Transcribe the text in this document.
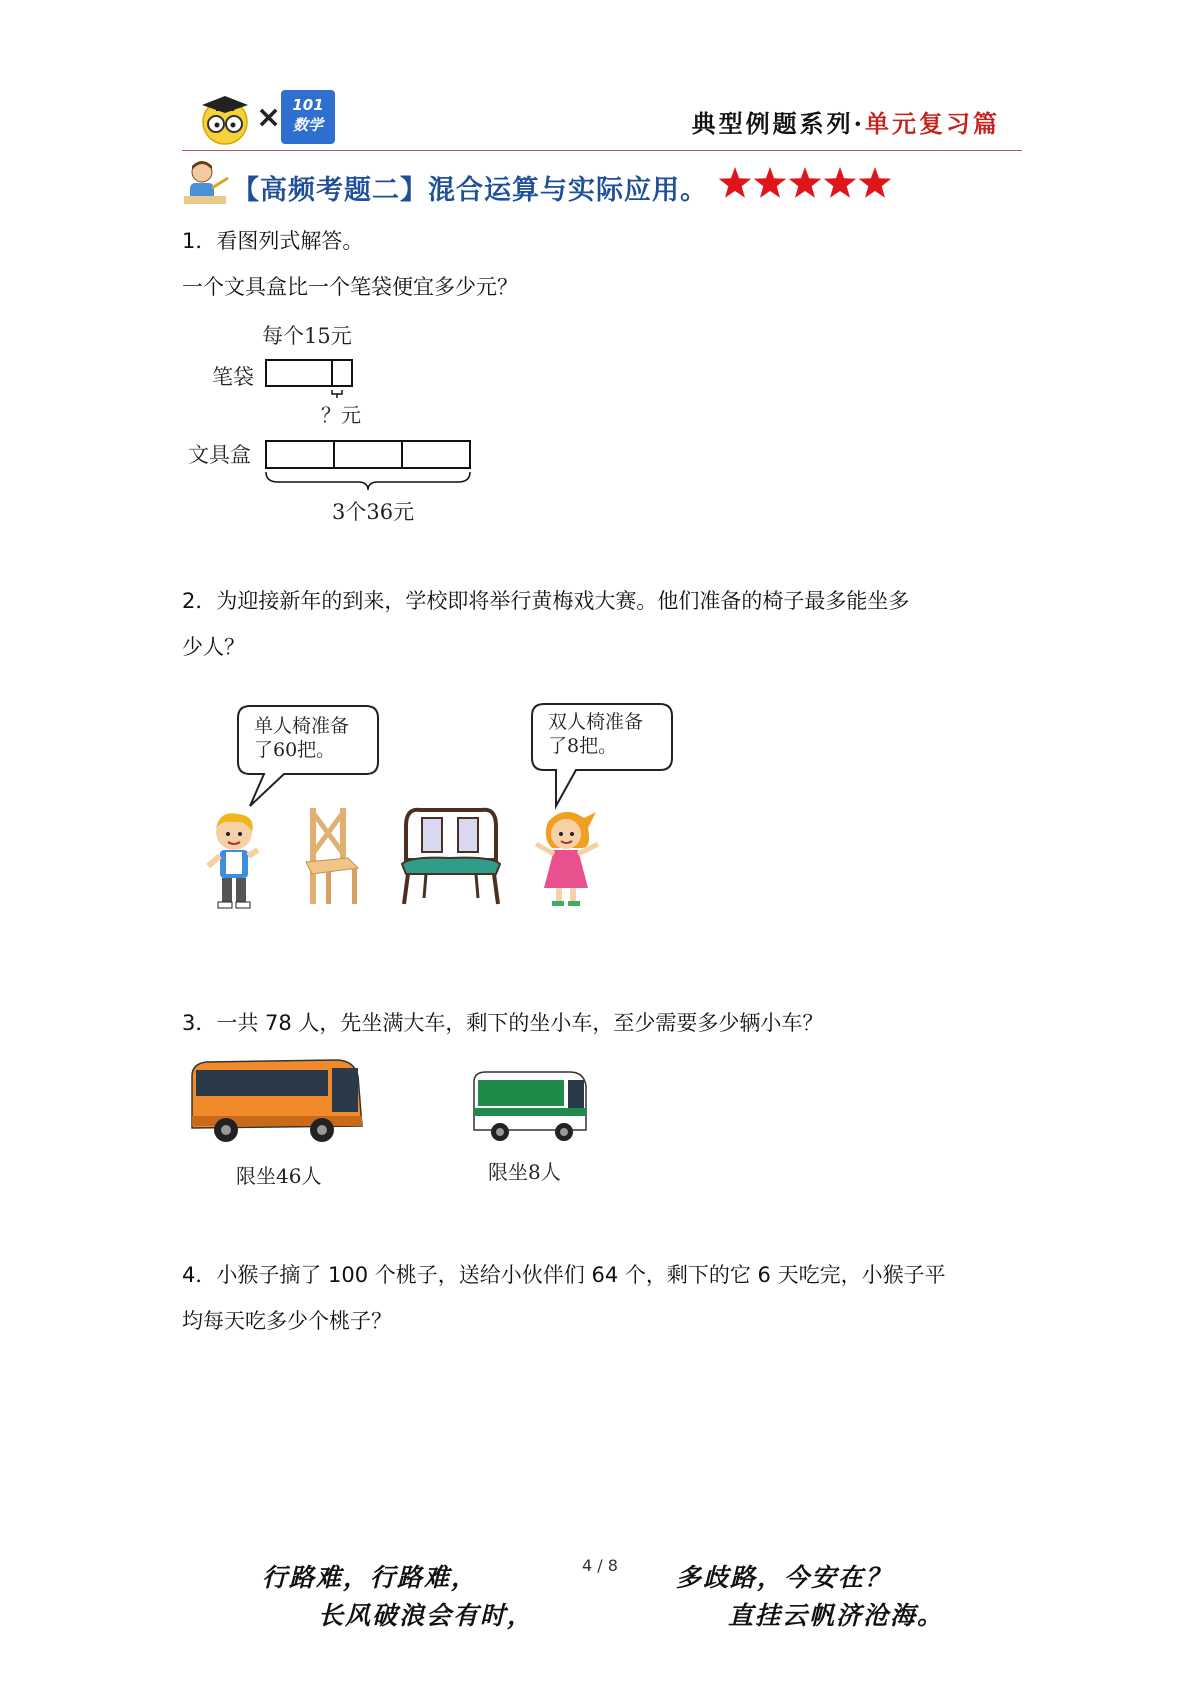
× 101
数学	典型例题系列·单元复习篇
【高频考题二】混合运算与实际应用。
1．看图列式解答。
一个文具盒比一个笔袋便宜多少元？
每个15元
笔袋
？元
文具盒
3个36元
2．为迎接新年的到来，学校即将举行黄梅戏大赛。他们准备的椅子最多能坐多
少人？
单人椅准备
了60把。
双人椅准备
了8把。
3．一共 78 人，先坐满大车，剩下的坐小车，至少需要多少辆小车？
限坐46人	限坐8人
4．小猴子摘了 100 个桃子，送给小伙伴们 64 个，剩下的它 6 天吃完，小猴子平
均每天吃多少个桃子？
行路难，行路难，	4 / 8 多歧路，今安在？
长风破浪会有时，	直挂云帆济沧海。
